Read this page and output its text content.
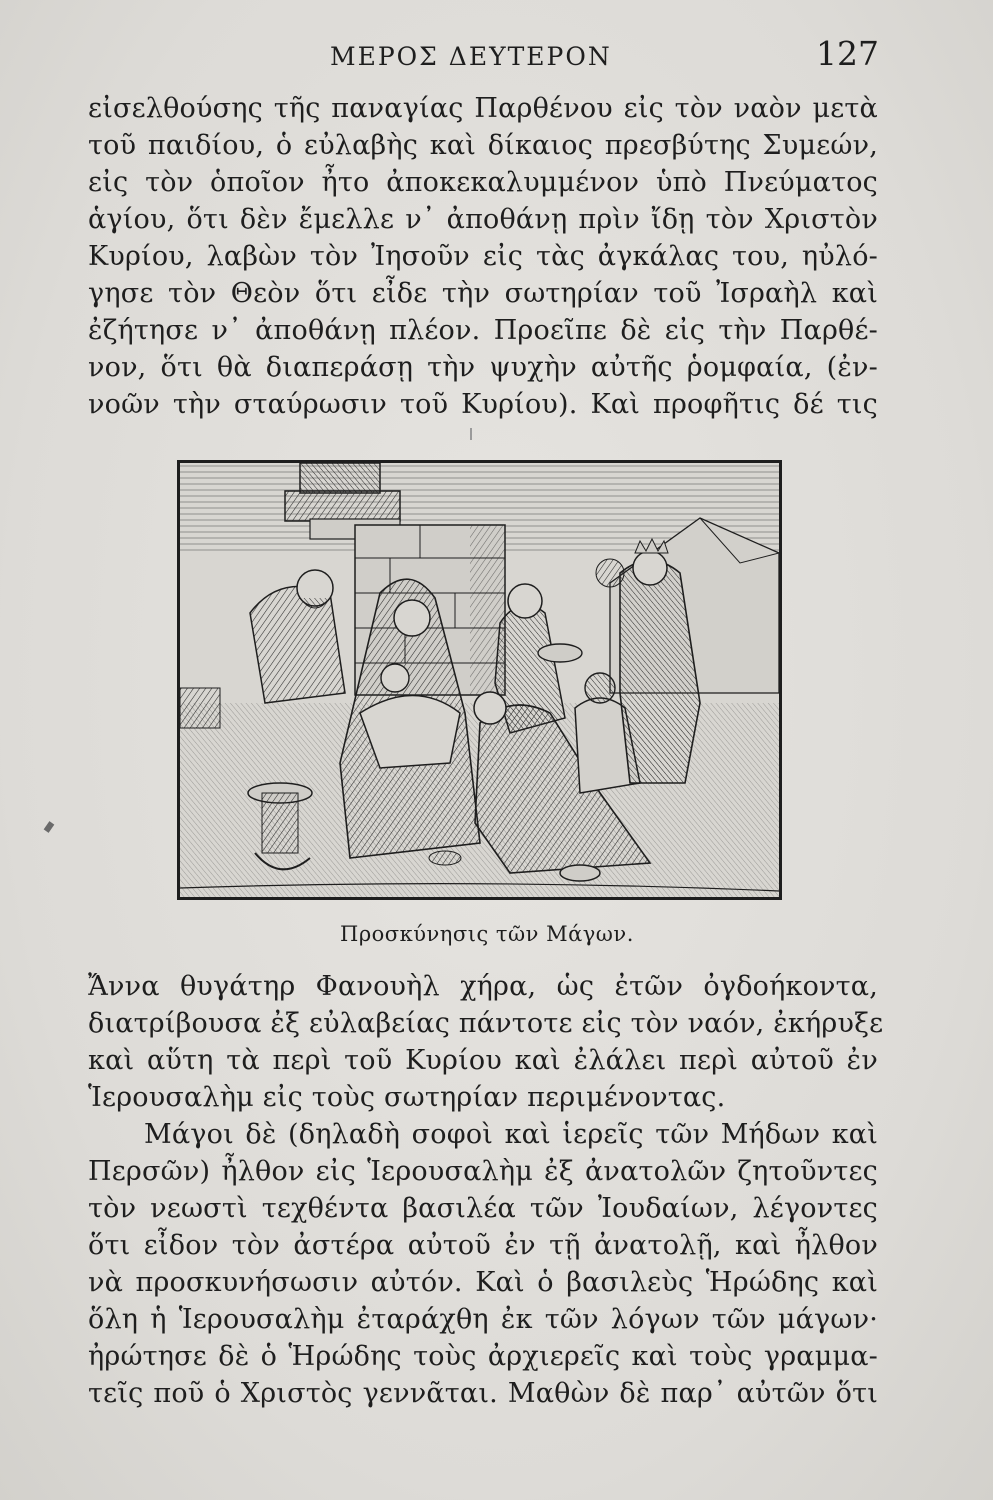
ΜΕΡΟΣ ΔΕΥΤΕΡΟΝ	127
εἰσελθούσης τῆς παναγίας Παρθένου εἰς τὸν ναὸν μετὰ
τοῦ παιδίου, ὁ εὐλαβὴς καὶ δίκαιος πρεσβύτης Συμεών,
εἰς τὸν ὁποῖον ἦτο ἀποκεκαλυμμένον ὑπὸ Πνεύματος
ἁγίου, ὅτι δὲν ἔμελλε ν᾽ ἀποθάνῃ πρὶν ἴδῃ τὸν Χριστὸν
Κυρίου, λαβὼν τὸν Ἰησοῦν εἰς τὰς ἀγκάλας του, ηὐλό-
γησε τὸν Θεὸν ὅτι εἶδε τὴν σωτηρίαν τοῦ Ἰσραὴλ καὶ
ἐζήτησε ν᾽ ἀποθάνῃ πλέον. Προεῖπε δὲ εἰς τὴν Παρθέ-
νον, ὅτι θὰ διαπεράσῃ τὴν ψυχὴν αὐτῆς ῥομφαία, (ἐν-
νοῶν τὴν σταύρωσιν τοῦ Κυρίου). Καὶ προφῆτις δέ τις
Προσκύνησις τῶν Μάγων.
Ἄννα θυγάτηρ Φανουὴλ χήρα, ὡς ἐτῶν ὀγδοήκοντα,
διατρίβουσα ἐξ εὐλαβείας πάντοτε εἰς τὸν ναόν, ἐκήρυξε
καὶ αὕτη τὰ περὶ τοῦ Κυρίου καὶ ἐλάλει περὶ αὐτοῦ ἐν
Ἱερουσαλὴμ εἰς τοὺς σωτηρίαν περιμένοντας.
Μάγοι δὲ (δηλαδὴ σοφοὶ καὶ ἱερεῖς τῶν Μήδων καὶ
Περσῶν) ἦλθον εἰς Ἱερουσαλὴμ ἐξ ἀνατολῶν ζητοῦντες
τὸν νεωστὶ τεχθέντα βασιλέα τῶν Ἰουδαίων, λέγοντες
ὅτι εἶδον τὸν ἀστέρα αὐτοῦ ἐν τῇ ἀνατολῇ, καὶ ἦλθον
νὰ προσκυνήσωσιν αὐτόν. Καὶ ὁ βασιλεὺς Ἡρώδης καὶ
ὅλη ἡ Ἱερουσαλὴμ ἐταράχθη ἐκ τῶν λόγων τῶν μάγων·
ἠρώτησε δὲ ὁ Ἡρώδης τοὺς ἀρχιερεῖς καὶ τοὺς γραμμα-
τεῖς ποῦ ὁ Χριστὸς γεννᾶται. Μαθὼν δὲ παρ᾽ αὐτῶν ὅτι
